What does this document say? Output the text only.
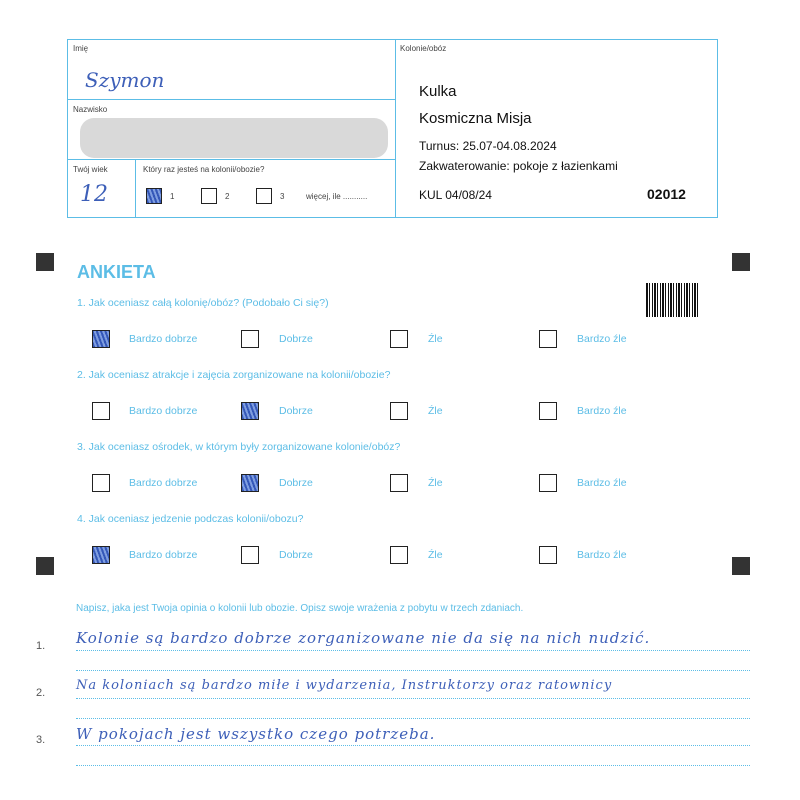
Imię
Szymon
Nazwisko
Twój wiek
12
Który raz jesteś na kolonii/obozie?
1	2	3	więcej, ile ...........
Kolonie/obóz
Kulka
Kosmiczna Misja
Turnus: 25.07-04.08.2024
Zakwaterowanie: pokoje z łazienkami
KUL 04/08/24	02012
ANKIETA
1. Jak oceniasz całą kolonię/obóz? (Podobało Ci się?)
2. Jak oceniasz atrakcje i zajęcia zorganizowane na kolonii/obozie?
3. Jak oceniasz ośrodek, w którym były zorganizowane kolonie/obóz?
4. Jak oceniasz jedzenie podczas kolonii/obozu?
Bardzo dobrze	Dobrze	Źle	Bardzo źle
Bardzo dobrze	Dobrze	Źle	Bardzo źle
Bardzo dobrze	Dobrze	Źle	Bardzo źle
Bardzo dobrze	Dobrze	Źle	Bardzo źle
Napisz, jaka jest Twoja opinia o kolonii lub obozie. Opisz swoje wrażenia z pobytu w trzech zdaniach.
1. Kolonie są bardzo dobrze zorganizowane nie da się na nich nudzić.
2. Na koloniach są bardzo miłe i wydarzenia, Instruktorzy oraz ratownicy
3. W pokojach jest wszystko czego potrzeba.
